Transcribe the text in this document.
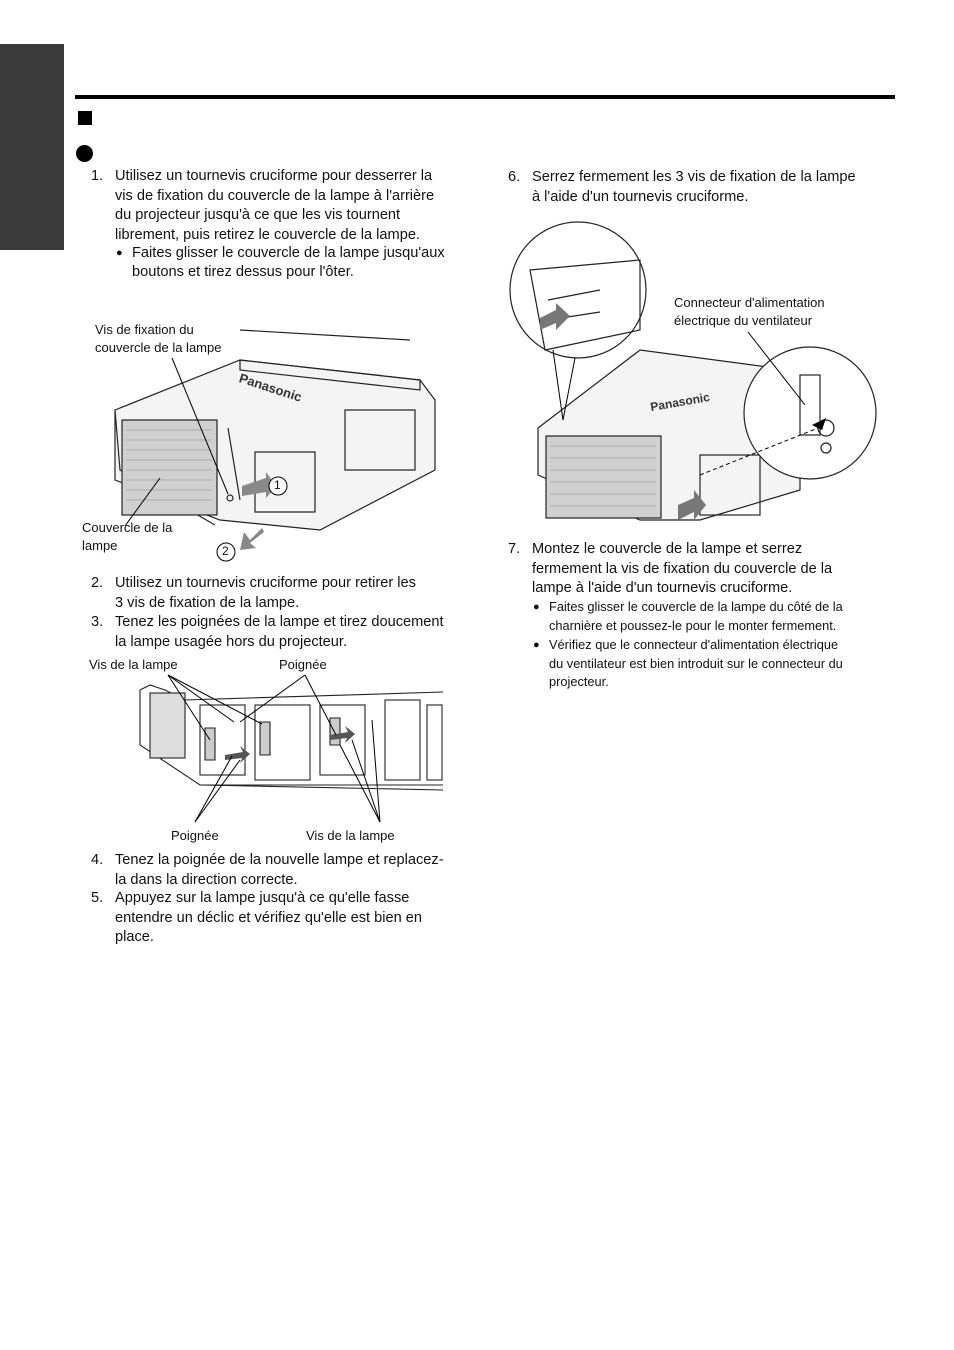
1. Utilisez un tournevis cruciforme pour desserrer la
vis de fixation du couvercle de la lampe à l'arrière
du projecteur jusqu'à ce que les vis tournent
librement, puis retirez le couvercle de la lampe.
● Faites glisser le couvercle de la lampe jusqu'aux
boutons et tirez dessus pour l'ôter.
Vis de fixation du
couvercle de la lampe
Couvercle de la
lampe
Panasonic
1
2
2. Utilisez un tournevis cruciforme pour retirer les
3 vis de fixation de la lampe.
3. Tenez les poignées de la lampe et tirez doucement
la lampe usagée hors du projecteur.
Vis de la lampe	Poignée
Poignée	Vis de la lampe
4. Tenez la poignée de la nouvelle lampe et replacez-
la dans la direction correcte.
5. Appuyez sur la lampe jusqu'à ce qu'elle fasse
entendre un déclic et vérifiez qu'elle est bien en
place.
6. Serrez fermement les 3 vis de fixation de la lampe
à l'aide d'un tournevis cruciforme.
Connecteur d'alimentation
électrique du ventilateur
Panasonic
7. Montez le couvercle de la lampe et serrez
fermement la vis de fixation du couvercle de la
lampe à l'aide d'un tournevis cruciforme.
● Faites glisser le couvercle de la lampe du côté de la
charnière et poussez-le pour le monter fermement.
● Vérifiez que le connecteur d'alimentation électrique
du ventilateur est bien introduit sur le connecteur du
projecteur.
